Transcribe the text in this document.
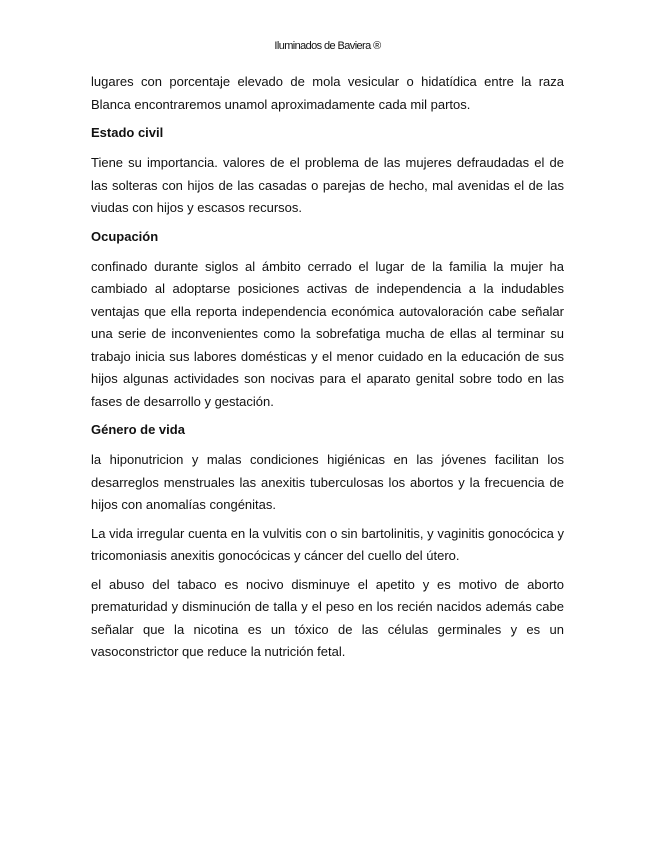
Iluminados de Baviera ®

lugares con porcentaje elevado de mola vesicular o hidatídica entre la raza Blanca encontraremos unamol aproximadamente cada mil partos.

Estado civil

Tiene su importancia. valores de el problema de las mujeres defraudadas el de las solteras con hijos de las casadas o parejas de hecho, mal avenidas el de las viudas con hijos y escasos recursos.

Ocupación

confinado durante siglos al ámbito cerrado el lugar de la familia la mujer ha cambiado al adoptarse posiciones activas de independencia a la indudables ventajas que ella reporta independencia económica autovaloración cabe señalar una serie de inconvenientes como la sobrefatiga mucha de ellas al terminar su trabajo inicia sus labores domésticas y el menor cuidado en la educación de sus hijos algunas actividades son nocivas para el aparato genital sobre todo en las fases de desarrollo y gestación.

Género de vida

la hiponutricion y malas condiciones higiénicas en las jóvenes facilitan los desarreglos menstruales las anexitis tuberculosas los abortos y la frecuencia de hijos con anomalías congénitas.

La vida irregular cuenta en la vulvitis con o sin bartolinitis, y vaginitis gonocócica y tricomoniasis anexitis gonocócicas y cáncer del cuello del útero.

el abuso del tabaco es nocivo disminuye el apetito y es motivo de aborto prematuridad y disminución de talla y el peso en los recién nacidos además cabe señalar que la nicotina es un tóxico de las células germinales y es un vasoconstrictor que reduce la nutrición fetal.
